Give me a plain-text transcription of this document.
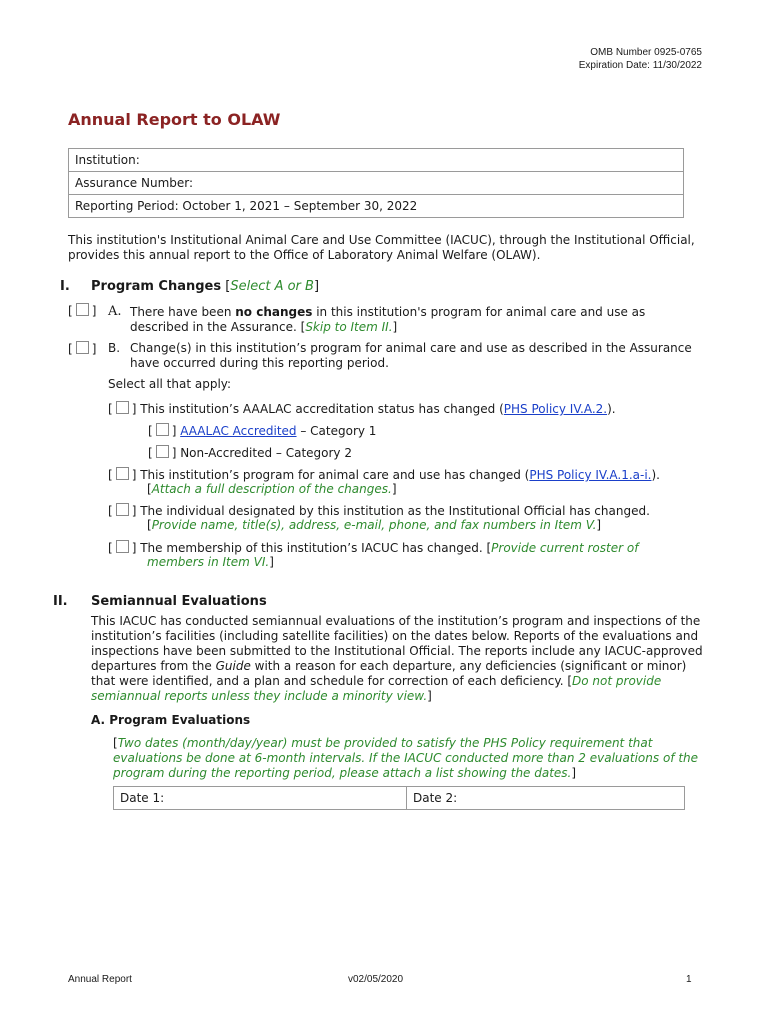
OMB Number 0925-0765
Expiration Date: 11/30/2022
Annual Report to OLAW
Institution:
Assurance Number:
Reporting Period: October 1, 2021 – September 30, 2022
This institution's Institutional Animal Care and Use Committee (IACUC), through the Institutional Official,
provides this annual report to the Office of Laboratory Animal Welfare (OLAW).
I. Program Changes [Select A or B]
[ ] A. There have been no changes in this institution's program for animal care and use as
described in the Assurance. [Skip to Item II.]
[ ] B. Change(s) in this institution’s program for animal care and use as described in the Assurance
have occurred during this reporting period.
Select all that apply:
[ ] This institution’s AAALAC accreditation status has changed (PHS Policy IV.A.2.).
[ ] AAALAC Accredited – Category 1
[ ] Non-Accredited – Category 2
[ ] This institution’s program for animal care and use has changed (PHS Policy IV.A.1.a-i.).
[Attach a full description of the changes.]
[ ] The individual designated by this institution as the Institutional Official has changed.
[Provide name, title(s), address, e-mail, phone, and fax numbers in Item V.]
[ ] The membership of this institution’s IACUC has changed. [Provide current roster of
members in Item VI.]
II. Semiannual Evaluations
This IACUC has conducted semiannual evaluations of the institution’s program and inspections of the
institution’s facilities (including satellite facilities) on the dates below. Reports of the evaluations and
inspections have been submitted to the Institutional Official. The reports include any IACUC-approved
departures from the Guide with a reason for each departure, any deficiencies (significant or minor)
that were identified, and a plan and schedule for correction of each deficiency. [Do not provide
semiannual reports unless they include a minority view.]
A. Program Evaluations
[Two dates (month/day/year) must be provided to satisfy the PHS Policy requirement that
evaluations be done at 6-month intervals. If the IACUC conducted more than 2 evaluations of the
program during the reporting period, please attach a list showing the dates.]
Date 1:	Date 2:
Annual Report	v02/05/2020	1
